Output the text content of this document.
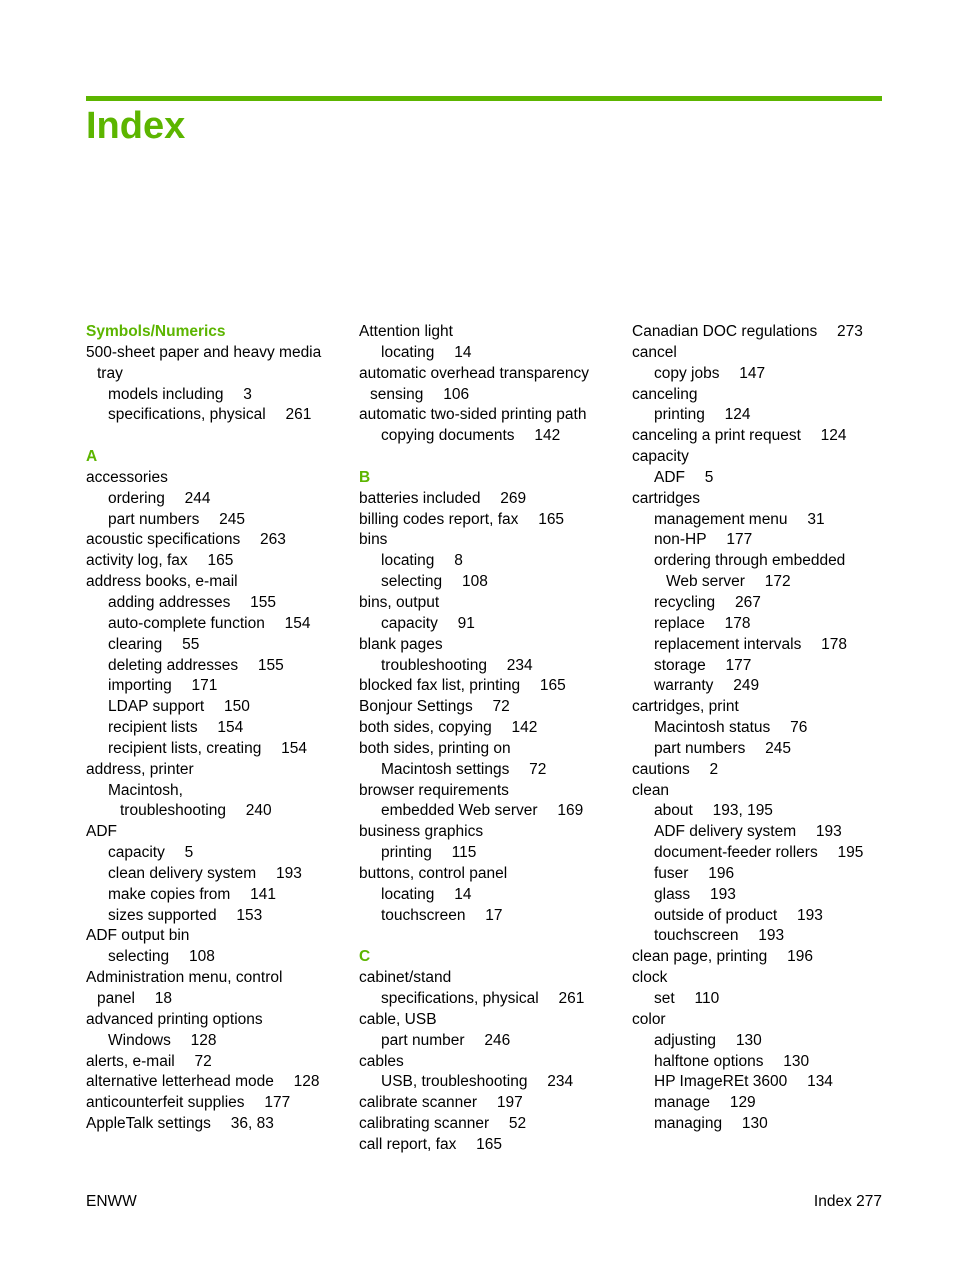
Index
Symbols/Numerics
500-sheet paper and heavy media
tray
models including  3
specifications, physical  261
A
accessories
ordering  244
part numbers  245
acoustic specifications  263
activity log, fax  165
address books, e-mail
adding addresses  155
auto-complete function  154
clearing  55
deleting addresses  155
importing  171
LDAP support  150
recipient lists  154
recipient lists, creating  154
address, printer
Macintosh,
troubleshooting  240
ADF
capacity  5
clean delivery system  193
make copies from  141
sizes supported  153
ADF output bin
selecting  108
Administration menu, control
panel  18
advanced printing options
Windows  128
alerts, e-mail  72
alternative letterhead mode  128
anticounterfeit supplies  177
AppleTalk settings  36, 83
Attention light
locating  14
automatic overhead transparency
sensing  106
automatic two-sided printing path
copying documents  142
B
batteries included  269
billing codes report, fax  165
bins
locating  8
selecting  108
bins, output
capacity  91
blank pages
troubleshooting  234
blocked fax list, printing  165
Bonjour Settings  72
both sides, copying  142
both sides, printing on
Macintosh settings  72
browser requirements
embedded Web server  169
business graphics
printing  115
buttons, control panel
locating  14
touchscreen  17
C
cabinet/stand
specifications, physical  261
cable, USB
part number  246
cables
USB, troubleshooting  234
calibrate scanner  197
calibrating scanner  52
call report, fax  165
Canadian DOC regulations  273
cancel
copy jobs  147
canceling
printing  124
canceling a print request  124
capacity
ADF  5
cartridges
management menu  31
non-HP  177
ordering through embedded
Web server  172
recycling  267
replace  178
replacement intervals  178
storage  177
warranty  249
cartridges, print
Macintosh status  76
part numbers  245
cautions  2
clean
about  193, 195
ADF delivery system  193
document-feeder rollers  195
fuser  196
glass  193
outside of product  193
touchscreen  193
clean page, printing  196
clock
set  110
color
adjusting  130
halftone options  130
HP ImageREt 3600  134
manage  129
managing  130
ENWW	Index 277
